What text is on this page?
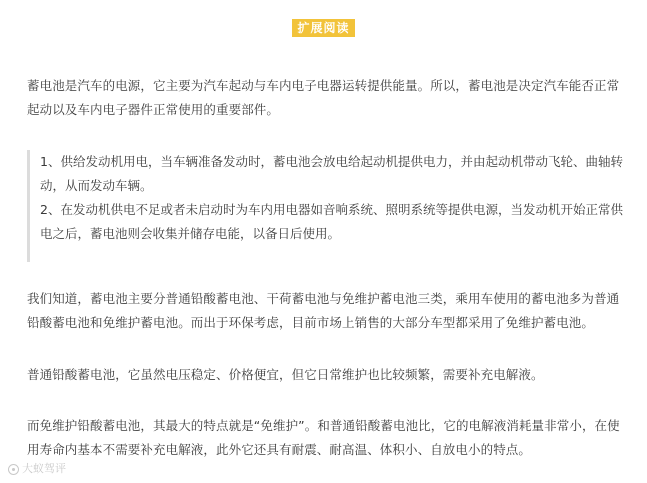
扩展阅读

蓄电池是汽车的电源，它主要为汽车起动与车内电子电器运转提供能量。所以，蓄电池是决定汽车能否正常起动以及车内电子器件正常使用的重要部件。

1、供给发动机用电，当车辆准备发动时，蓄电池会放电给起动机提供电力，并由起动机带动飞轮、曲轴转动，从而发动车辆。

2、在发动机供电不足或者未启动时为车内用电器如音响系统、照明系统等提供电源，当发动机开始正常供电之后，蓄电池则会收集并储存电能，以备日后使用。

我们知道，蓄电池主要分普通铅酸蓄电池、干荷蓄电池与免维护蓄电池三类，乘用车使用的蓄电池多为普通铅酸蓄电池和免维护蓄电池。而出于环保考虑，目前市场上销售的大部分车型都采用了免维护蓄电池。

普通铅酸蓄电池，它虽然电压稳定、价格便宜，但它日常维护也比较频繁，需要补充电解液。

而免维护铅酸蓄电池，其最大的特点就是“免维护”。和普通铅酸蓄电池比，它的电解液消耗量非常小，在使用寿命内基本不需要补充电解液，此外它还具有耐震、耐高温、体积小、自放电小的特点。

大蚁驾评
